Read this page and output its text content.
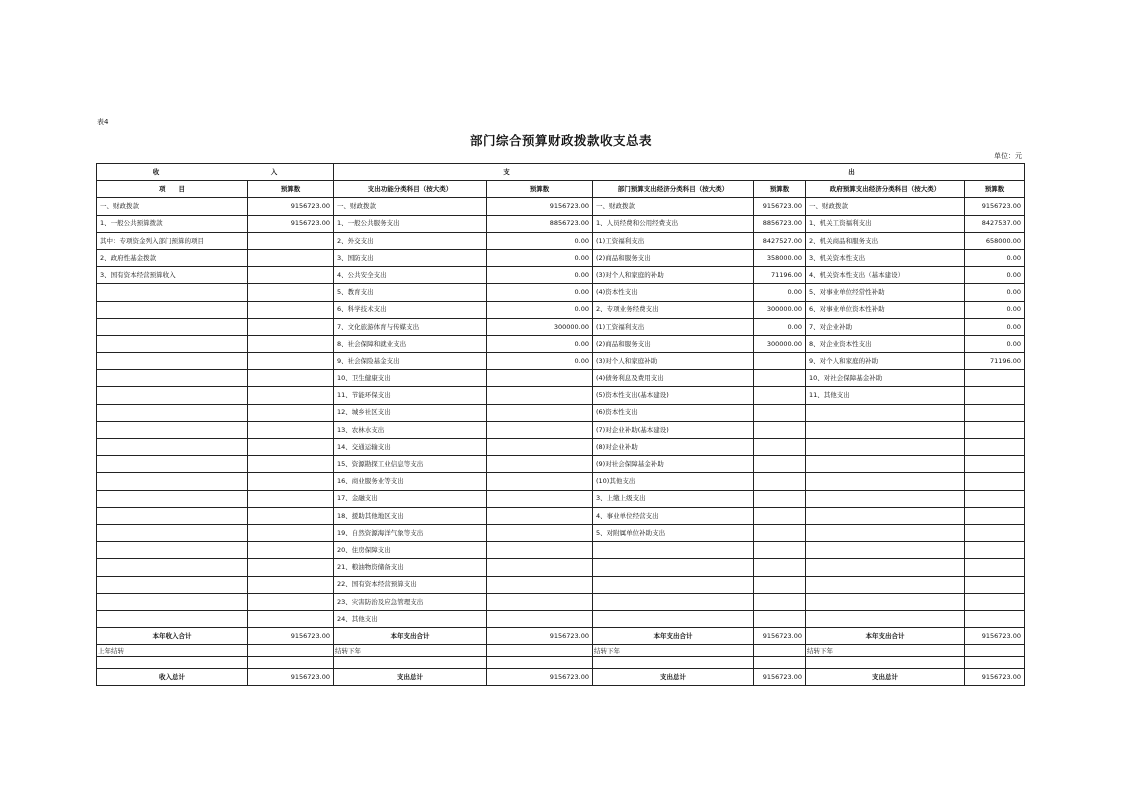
表4
部门综合预算财政拨款收支总表
单位：元
收 入		支 出					

项　　目	预算数	支出功能分类科目（按大类）	预算数	部门预算支出经济分类科目（按大类）	预算数	政府预算支出经济分类科目（按大类）	预算数
一、财政拨款	9156723.00	一、财政拨款	9156723.00	一、财政拨款	9156723.00	一、财政拨款	9156723.00
1、一般公共预算拨款	9156723.00	1、一般公共服务支出	8856723.00	1、人员经费和公用经费支出	8856723.00	1、机关工资福利支出	8427537.00
其中：专项资金列入部门预算的项目		2、外交支出	0.00	(1)工资福利支出	8427527.00	2、机关商品和服务支出	658000.00
2、政府性基金拨款		3、国防支出	0.00	(2)商品和服务支出	358000.00	3、机关资本性支出	0.00
3、国有资本经营预算收入		4、公共安全支出	0.00	(3)对个人和家庭的补助	71196.00	4、机关资本性支出（基本建设）	0.00
		5、教育支出	0.00	(4)资本性支出	0.00	5、对事业单位经常性补助	0.00
		6、科学技术支出	0.00	2、专项业务经费支出	300000.00	6、对事业单位资本性补助	0.00
		7、文化旅游体育与传媒支出	300000.00	(1)工资福利支出	0.00	7、对企业补助	0.00
		8、社会保障和就业支出	0.00	(2)商品和服务支出	300000.00	8、对企业资本性支出	0.00
		9、社会保险基金支出	0.00	(3)对个人和家庭补助		9、对个人和家庭的补助	71196.00
		10、卫生健康支出		(4)债务利息及费用支出		10、对社会保障基金补助	
		11、节能环保支出		(5)资本性支出(基本建设)		11、其他支出	
		12、城乡社区支出		(6)资本性支出			
		13、农林水支出		(7)对企业补助(基本建设)			
		14、交通运输支出		(8)对企业补助			
		15、资源勘探工业信息等支出		(9)对社会保障基金补助			
		16、商业服务业等支出		(10)其他支出			
		17、金融支出		3、上缴上级支出			
		18、援助其他地区支出		4、事业单位经营支出			
		19、自然资源海洋气象等支出		5、对附属单位补助支出			
		20、住房保障支出					
		21、粮油物资储备支出					
		22、国有资本经营预算支出					
		23、灾害防治及应急管理支出					
		24、其他支出					
本年收入合计	9156723.00	本年支出合计	9156723.00	本年支出合计	9156723.00	本年支出合计	9156723.00
上年结转		结转下年		结转下年		结转下年	

收入总计	9156723.00	支出总计	9156723.00	支出总计	9156723.00	支出总计	9156723.00
